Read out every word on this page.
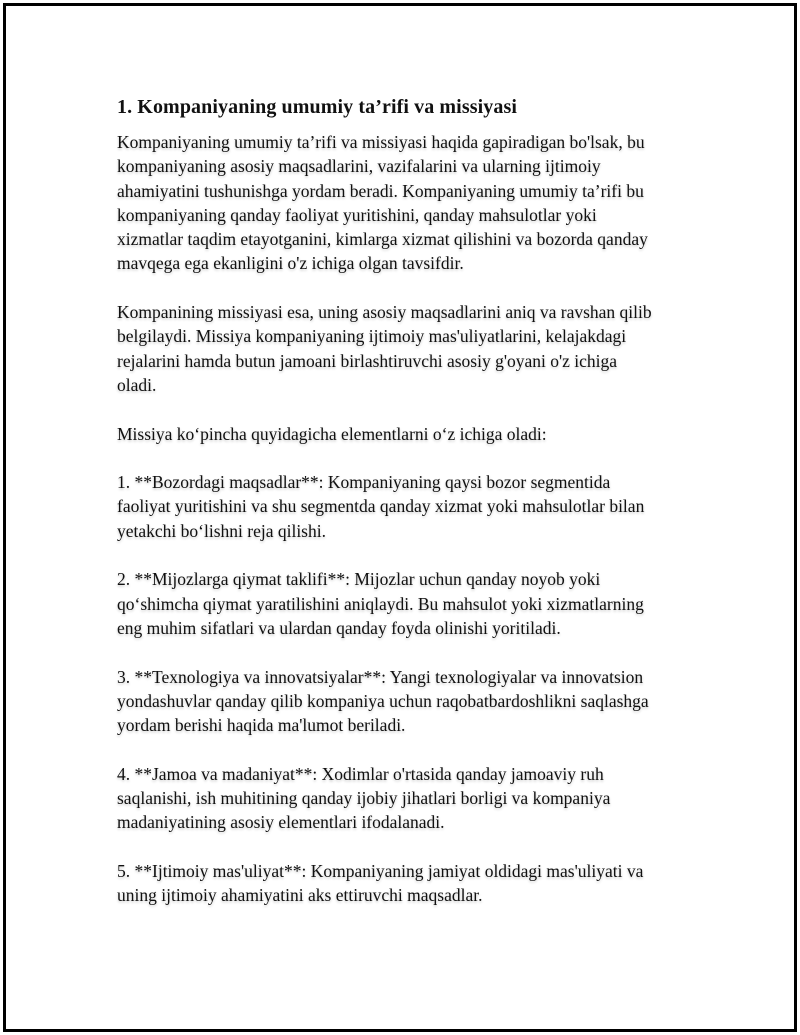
1. Kompaniyaning umumiy ta’rifi va missiyasi

Kompaniyaning umumiy ta’rifi va missiyasi haqida gapiradigan bo'lsak, bu
kompaniyaning asosiy maqsadlarini, vazifalarini va ularning ijtimoiy
ahamiyatini tushunishga yordam beradi. Kompaniyaning umumiy ta’rifi bu
kompaniyaning qanday faoliyat yuritishini, qanday mahsulotlar yoki
xizmatlar taqdim etayotganini, kimlarga xizmat qilishini va bozorda qanday
mavqega ega ekanligini o'z ichiga olgan tavsifdir.

Kompanining missiyasi esa, uning asosiy maqsadlarini aniq va ravshan qilib
belgilaydi. Missiya kompaniyaning ijtimoiy mas'uliyatlarini, kelajakdagi
rejalarini hamda butun jamoani birlashtiruvchi asosiy g'oyani o'z ichiga
oladi.

Missiya ko‘pincha quyidagicha elementlarni o‘z ichiga oladi:

1. **Bozordagi maqsadlar**: Kompaniyaning qaysi bozor segmentida
faoliyat yuritishini va shu segmentda qanday xizmat yoki mahsulotlar bilan
yetakchi bo‘lishni reja qilishi.

2. **Mijozlarga qiymat taklifi**: Mijozlar uchun qanday noyob yoki
qo‘shimcha qiymat yaratilishini aniqlaydi. Bu mahsulot yoki xizmatlarning
eng muhim sifatlari va ulardan qanday foyda olinishi yoritiladi.

3. **Texnologiya va innovatsiyalar**: Yangi texnologiyalar va innovatsion
yondashuvlar qanday qilib kompaniya uchun raqobatbardoshlikni saqlashga
yordam berishi haqida ma'lumot beriladi.

4. **Jamoa va madaniyat**: Xodimlar o'rtasida qanday jamoaviy ruh
saqlanishi, ish muhitining qanday ijobiy jihatlari borligi va kompaniya
madaniyatining asosiy elementlari ifodalanadi.

5. **Ijtimoiy mas'uliyat**: Kompaniyaning jamiyat oldidagi mas'uliyati va
uning ijtimoiy ahamiyatini aks ettiruvchi maqsadlar.
